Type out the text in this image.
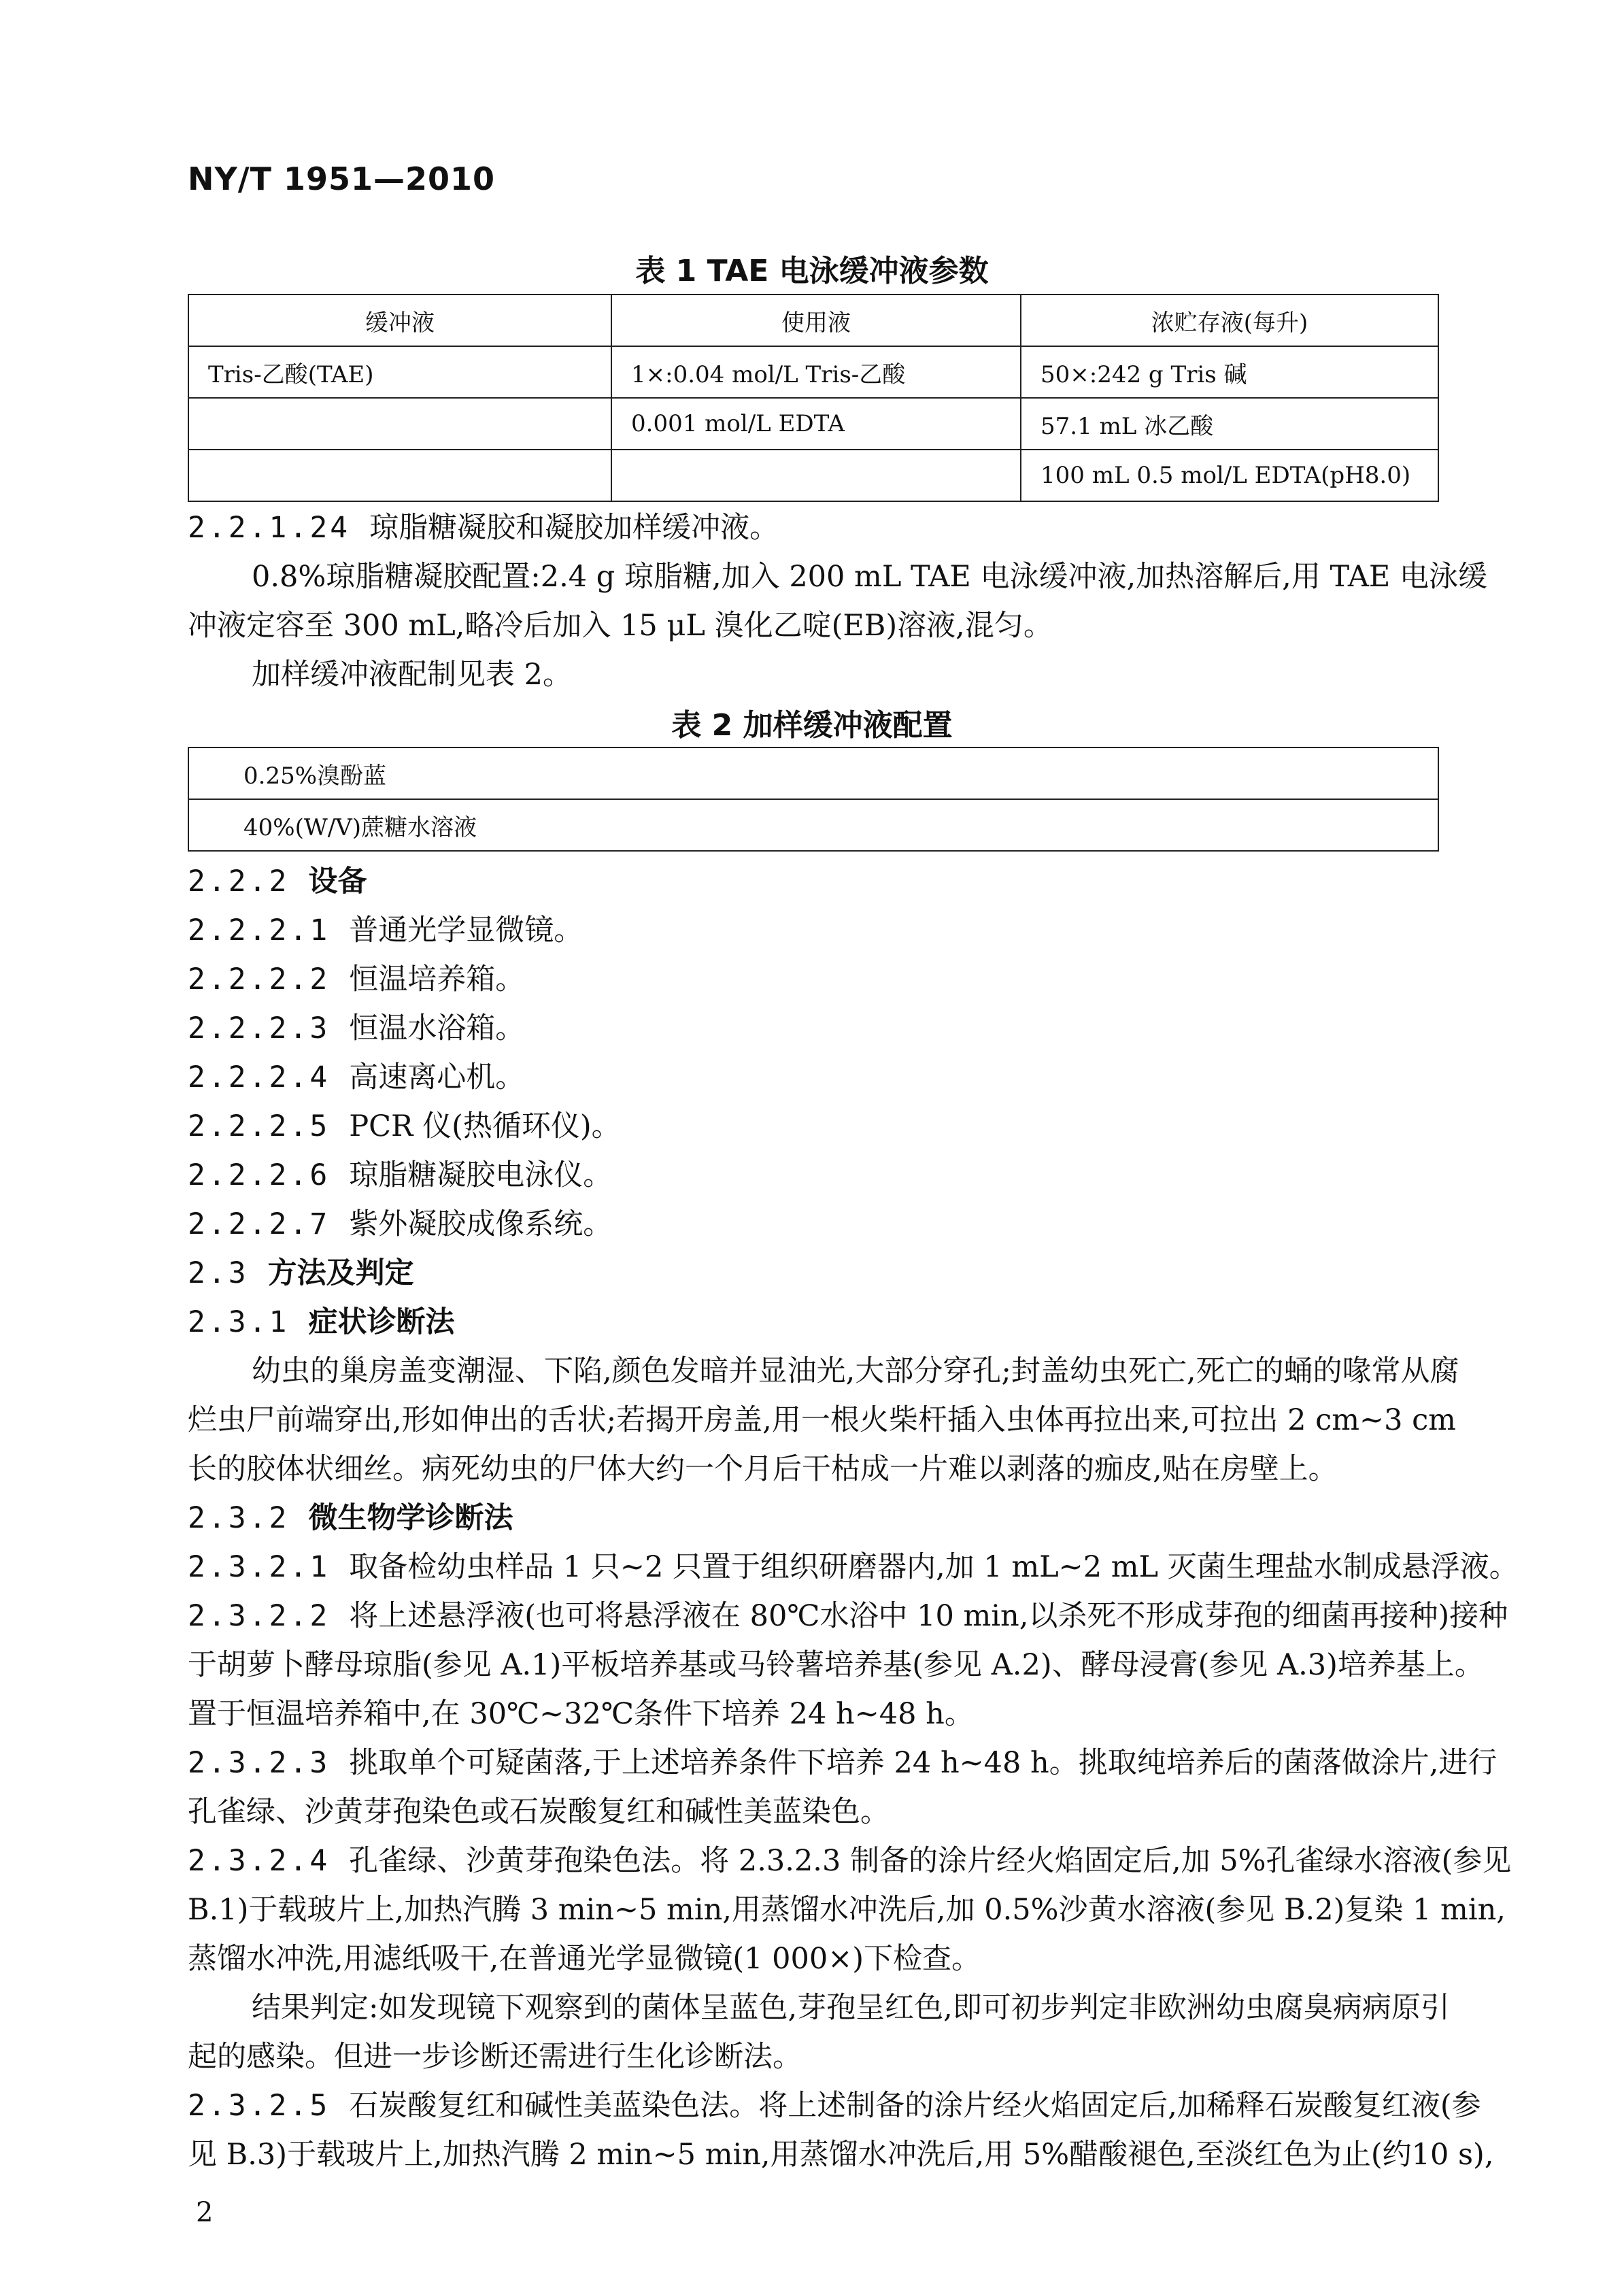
NY/T 1951—2010
表 1 TAE 电泳缓冲液参数
缓冲液	使用液	浓贮存液(每升)
Tris-乙酸(TAE)	1×:0.04 mol/L Tris-乙酸	50×:242 g Tris 碱
	0.001 mol/L EDTA	57.1 mL 冰乙酸
		100 mL 0.5 mol/L EDTA(pH8.0)
2.2.1.24 琼脂糖凝胶和凝胶加样缓冲液。
0.8%琼脂糖凝胶配置:2.4 g 琼脂糖,加入 200 mL TAE 电泳缓冲液,加热溶解后,用 TAE 电泳缓
冲液定容至 300 mL,略冷后加入 15 μL 溴化乙啶(EB)溶液,混匀。
加样缓冲液配制见表 2。
表 2 加样缓冲液配置
0.25%溴酚蓝
40%(W/V)蔗糖水溶液
2.2.2 设备
2.2.2.1 普通光学显微镜。
2.2.2.2 恒温培养箱。
2.2.2.3 恒温水浴箱。
2.2.2.4 高速离心机。
2.2.2.5 PCR 仪(热循环仪)。
2.2.2.6 琼脂糖凝胶电泳仪。
2.2.2.7 紫外凝胶成像系统。
2.3 方法及判定
2.3.1 症状诊断法
幼虫的巢房盖变潮湿、下陷,颜色发暗并显油光,大部分穿孔;封盖幼虫死亡,死亡的蛹的喙常从腐
烂虫尸前端穿出,形如伸出的舌状;若揭开房盖,用一根火柴杆插入虫体再拉出来,可拉出 2 cm~3 cm
长的胶体状细丝。病死幼虫的尸体大约一个月后干枯成一片难以剥落的痂皮,贴在房壁上。
2.3.2 微生物学诊断法
2.3.2.1 取备检幼虫样品 1 只~2 只置于组织研磨器内,加 1 mL~2 mL 灭菌生理盐水制成悬浮液。
2.3.2.2 将上述悬浮液(也可将悬浮液在 80℃水浴中 10 min,以杀死不形成芽孢的细菌再接种)接种
于胡萝卜酵母琼脂(参见 A.1)平板培养基或马铃薯培养基(参见 A.2)、酵母浸膏(参见 A.3)培养基上。
置于恒温培养箱中,在 30℃~32℃条件下培养 24 h~48 h。
2.3.2.3 挑取单个可疑菌落,于上述培养条件下培养 24 h~48 h。挑取纯培养后的菌落做涂片,进行
孔雀绿、沙黄芽孢染色或石炭酸复红和碱性美蓝染色。
2.3.2.4 孔雀绿、沙黄芽孢染色法。将 2.3.2.3 制备的涂片经火焰固定后,加 5%孔雀绿水溶液(参见
B.1)于载玻片上,加热汽腾 3 min~5 min,用蒸馏水冲洗后,加 0.5%沙黄水溶液(参见 B.2)复染 1 min,
蒸馏水冲洗,用滤纸吸干,在普通光学显微镜(1 000×)下检查。
结果判定:如发现镜下观察到的菌体呈蓝色,芽孢呈红色,即可初步判定非欧洲幼虫腐臭病病原引
起的感染。但进一步诊断还需进行生化诊断法。
2.3.2.5 石炭酸复红和碱性美蓝染色法。将上述制备的涂片经火焰固定后,加稀释石炭酸复红液(参
见 B.3)于载玻片上,加热汽腾 2 min~5 min,用蒸馏水冲洗后,用 5%醋酸褪色,至淡红色为止(约10 s),
2
